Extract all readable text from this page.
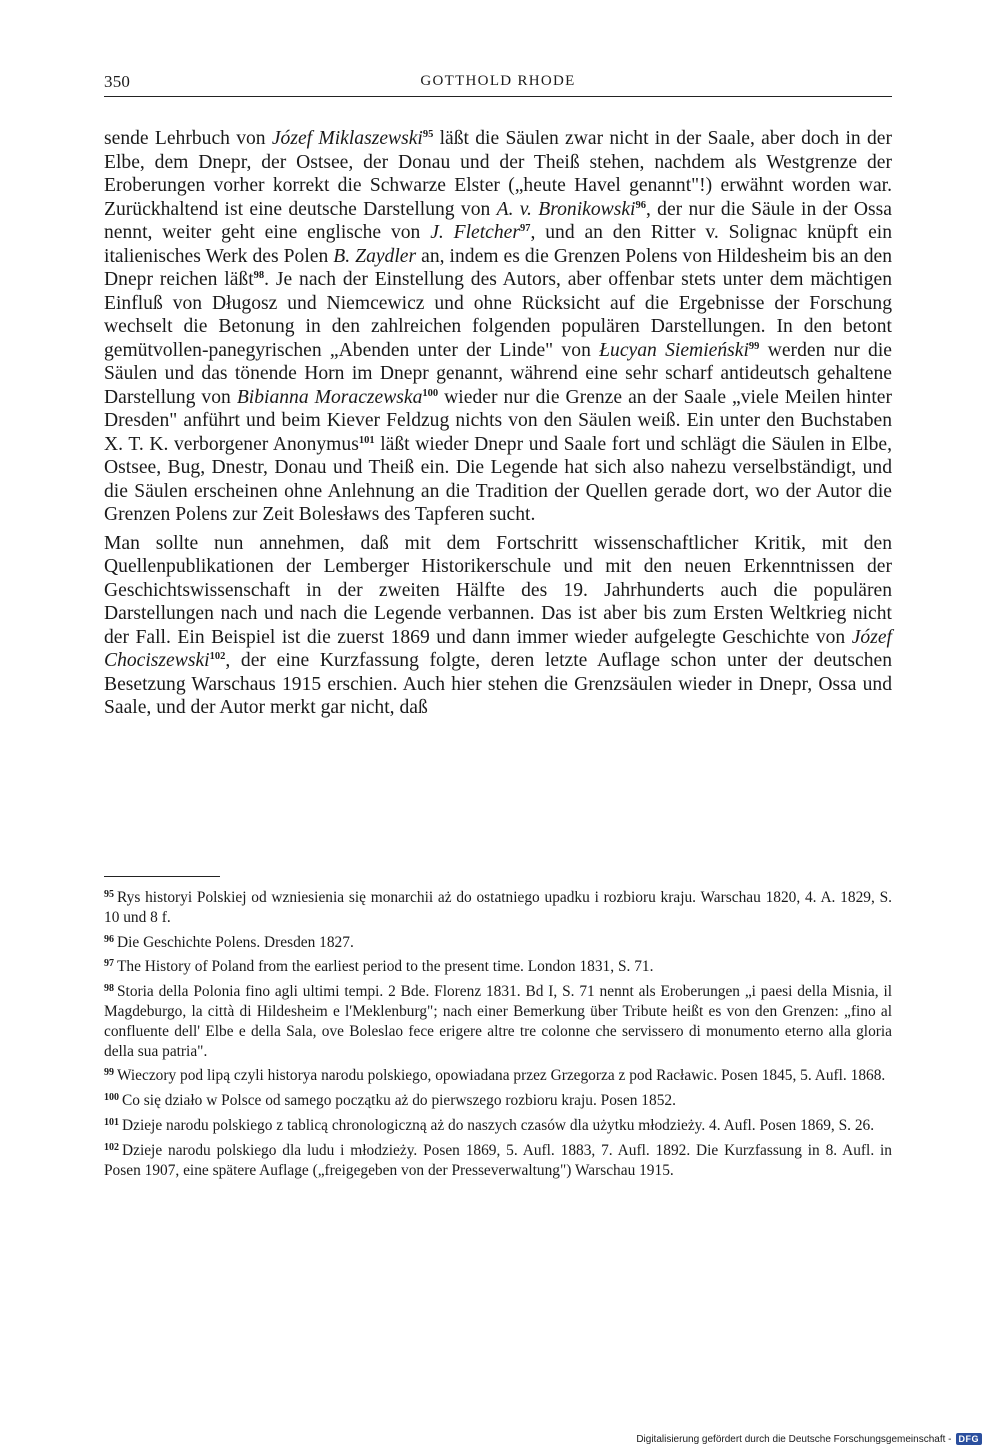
350	GOTTHOLD RHODE

sende Lehrbuch von Józef Miklaszewski$^{95}$ läßt die Säulen zwar nicht in der Saale, aber doch in der Elbe, dem Dnepr, der Ostsee, der Donau und der Theiß stehen, nachdem als Westgrenze der Eroberungen vorher korrekt die Schwarze Elster („heute Havel genannt"!) erwähnt worden war. Zurückhaltend ist eine deutsche Darstellung von A. v. Bronikowski$^{96}$, der nur die Säule in der Ossa nennt, weiter geht eine englische von J. Fletcher$^{97}$, und an den Ritter v. Solignac knüpft ein italienisches Werk des Polen B. Zaydler an, indem es die Grenzen Polens von Hildesheim bis an den Dnepr reichen läßt$^{98}$. Je nach der Einstellung des Autors, aber offenbar stets unter dem mächtigen Einfluß von Długosz und Niemcewicz und ohne Rücksicht auf die Ergebnisse der Forschung wechselt die Betonung in den zahlreichen folgenden populären Darstellungen. In den betont gemütvollen-panegyrischen „Abenden unter der Linde" von Łucyan Siemieński$^{99}$ werden nur die Säulen und das tönende Horn im Dnepr genannt, während eine sehr scharf antideutsch gehaltene Darstellung von Bibianna Moraczewska$^{100}$ wieder nur die Grenze an der Saale „viele Meilen hinter Dresden" anführt und beim Kiever Feldzug nichts von den Säulen weiß. Ein unter den Buchstaben X. T. K. verborgener Anonymus$^{101}$ läßt wieder Dnepr und Saale fort und schlägt die Säulen in Elbe, Ostsee, Bug, Dnestr, Donau und Theiß ein. Die Legende hat sich also nahezu verselbständigt, und die Säulen erscheinen ohne Anlehnung an die Tradition der Quellen gerade dort, wo der Autor die Grenzen Polens zur Zeit Bolesławs des Tapferen sucht.

Man sollte nun annehmen, daß mit dem Fortschritt wissenschaftlicher Kritik, mit den Quellenpublikationen der Lemberger Historikerschule und mit den neuen Erkenntnissen der Geschichtswissenschaft in der zweiten Hälfte des 19. Jahrhunderts auch die populären Darstellungen nach und nach die Legende verbannen. Das ist aber bis zum Ersten Weltkrieg nicht der Fall. Ein Beispiel ist die zuerst 1869 und dann immer wieder aufgelegte Geschichte von Józef Chociszewski$^{102}$, der eine Kurzfassung folgte, deren letzte Auflage schon unter der deutschen Besetzung Warschaus 1915 erschien. Auch hier stehen die Grenzsäulen wieder in Dnepr, Ossa und Saale, und der Autor merkt gar nicht, daß

$^{95}$ Rys historyi Polskiej od wzniesienia się monarchii aż do ostatniego upadku i rozbioru kraju. Warschau 1820, 4. A. 1829, S. 10 und 8 f.

$^{96}$ Die Geschichte Polens. Dresden 1827.

$^{97}$ The History of Poland from the earliest period to the present time. London 1831, S. 71.

$^{98}$ Storia della Polonia fino agli ultimi tempi. 2 Bde. Florenz 1831. Bd I, S. 71 nennt als Eroberungen „i paesi della Misnia, il Magdeburgo, la città di Hildesheim e l'Meklenburg"; nach einer Bemerkung über Tribute heißt es von den Grenzen: „fino al confluente dell' Elbe e della Sala, ove Boleslao fece erigere altre tre colonne che servissero di monumento eterno alla gloria della sua patria".

$^{99}$ Wieczory pod lipą czyli historya narodu polskiego, opowiadana przez Grzegorza z pod Racławic. Posen 1845, 5. Aufl. 1868.

$^{100}$ Co się działo w Polsce od samego początku aż do pierwszego rozbioru kraju. Posen 1852.

$^{101}$ Dzieje narodu polskiego z tablicą chronologiczną aż do naszych czasów dla użytku młodzieży. 4. Aufl. Posen 1869, S. 26.

$^{102}$ Dzieje narodu polskiego dla ludu i młodzieży. Posen 1869, 5. Aufl. 1883, 7. Aufl. 1892. Die Kurzfassung in 8. Aufl. in Posen 1907, eine spätere Auflage („freigegeben von der Presseverwaltung") Warschau 1915.

Digitalisierung gefördert durch die Deutsche Forschungsgemeinschaft - DFG
